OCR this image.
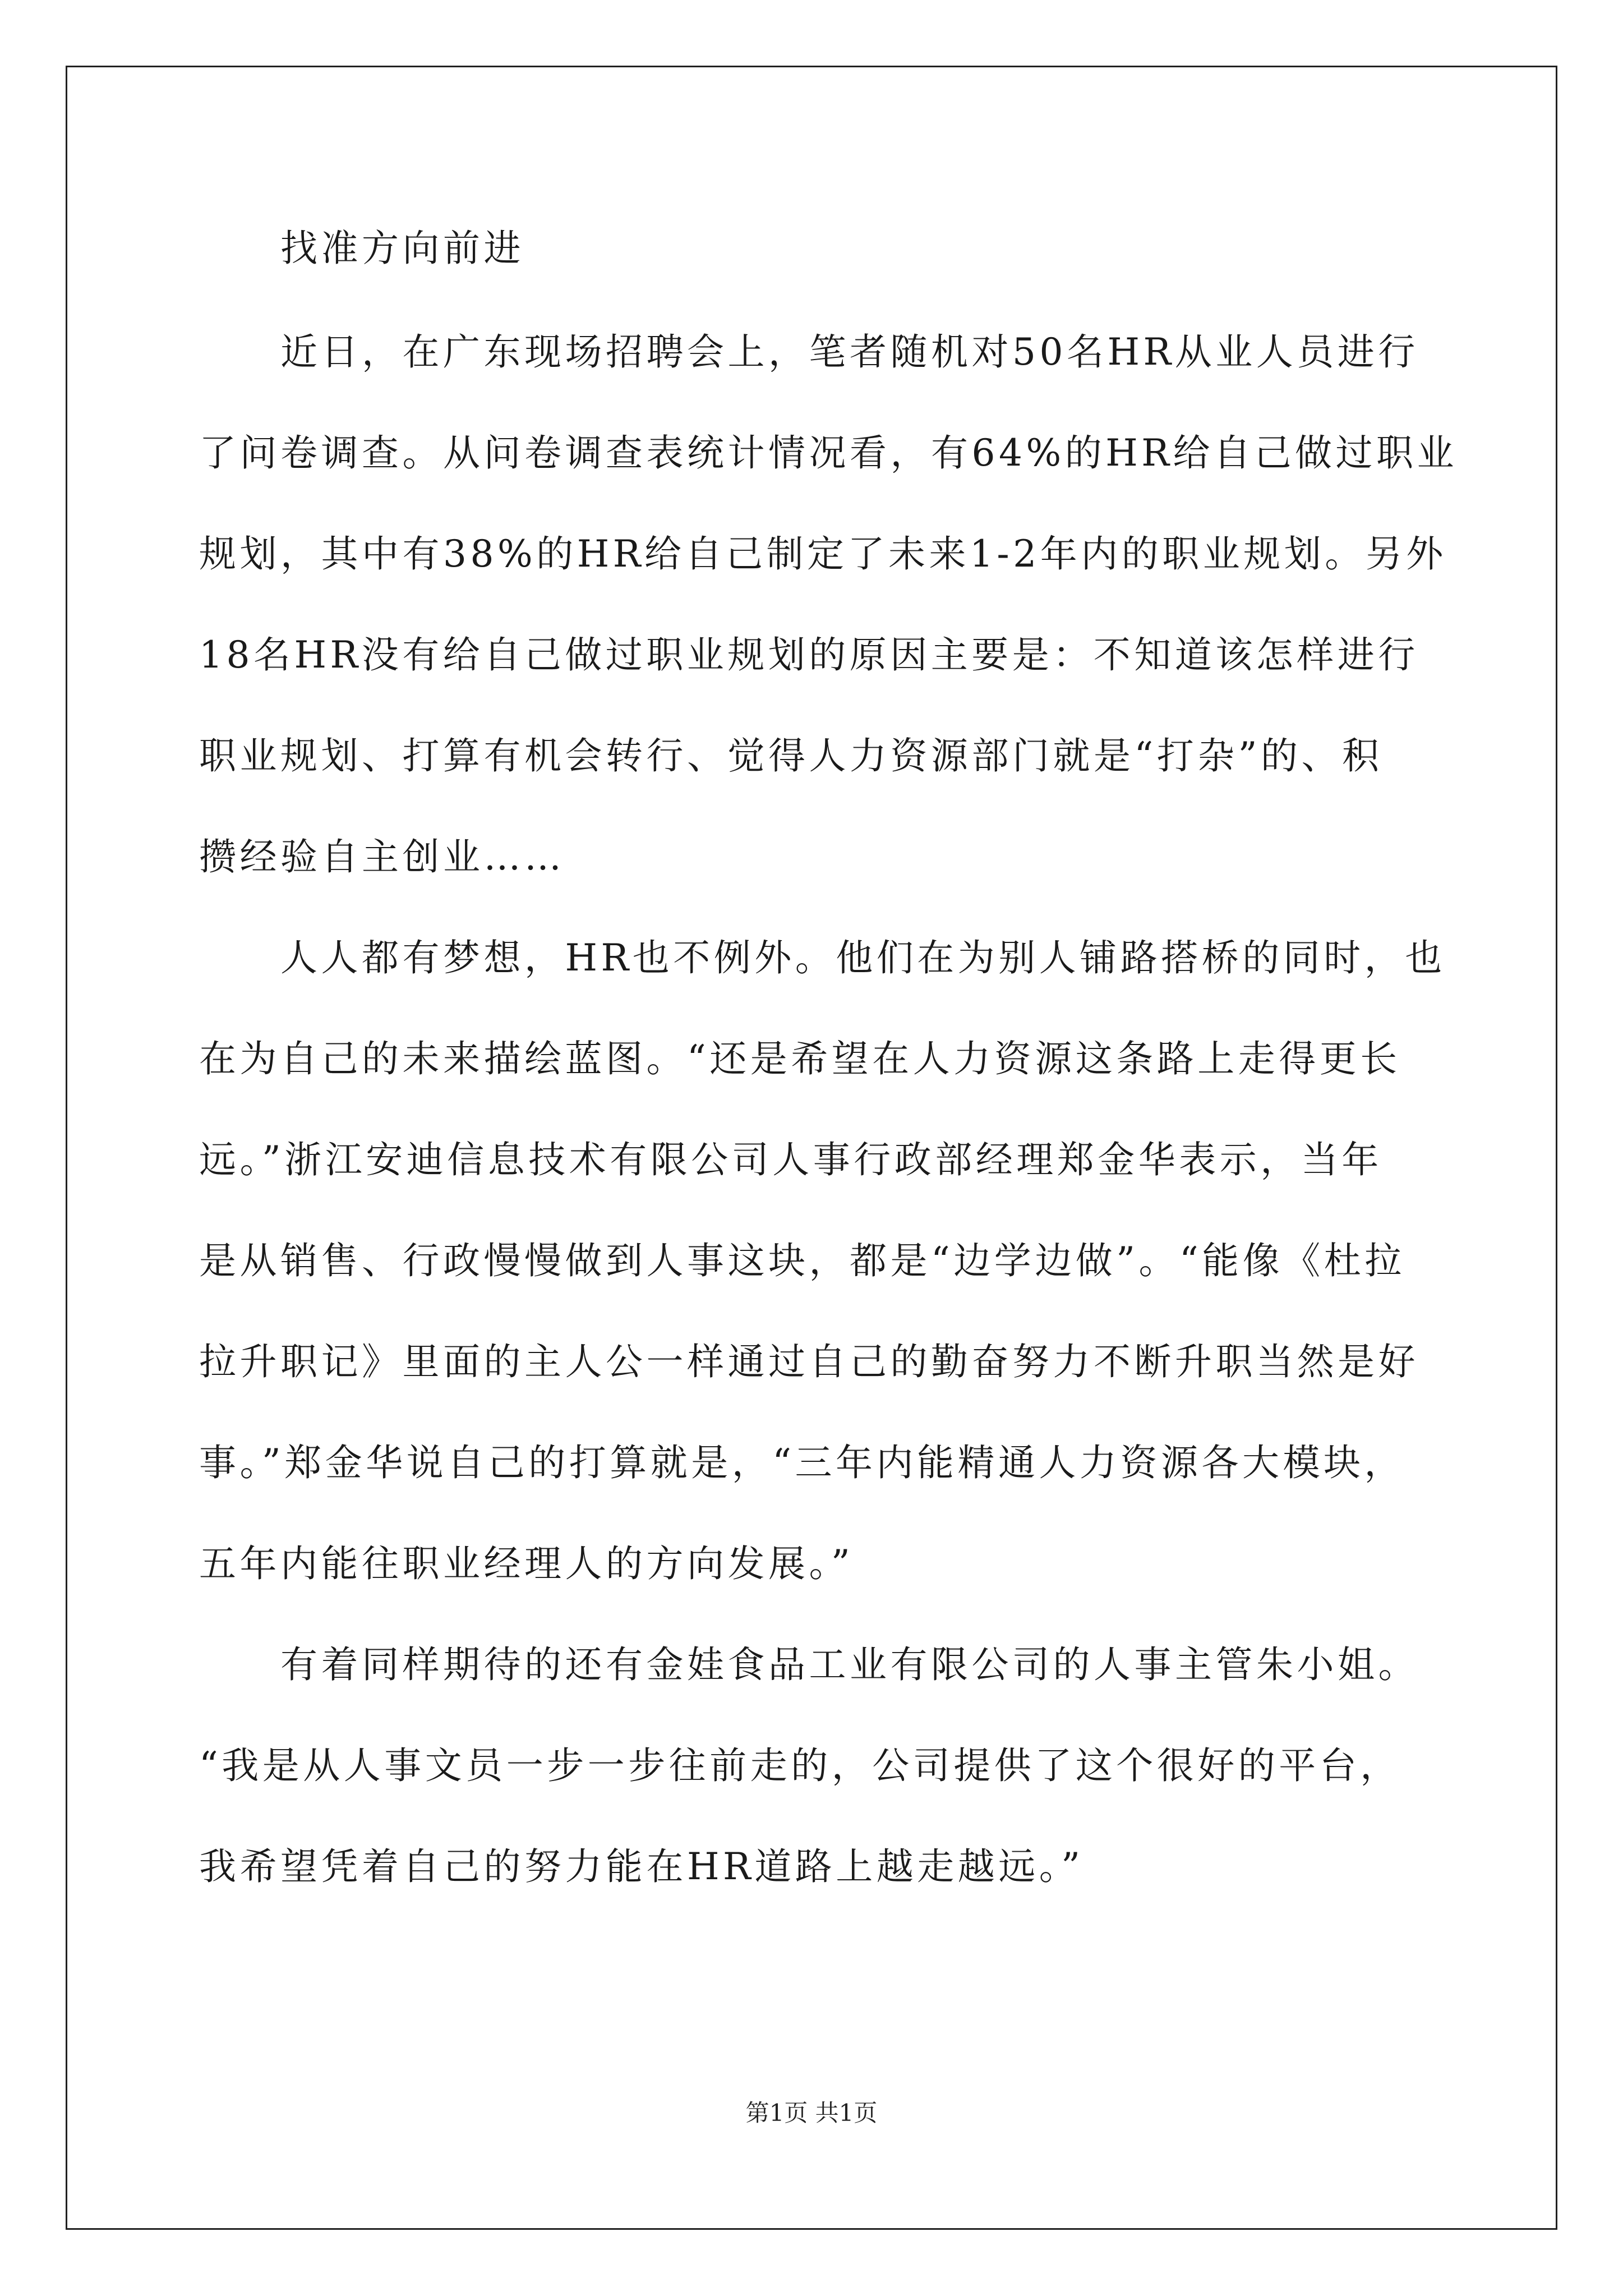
找准方向前进
近日，在广东现场招聘会上，笔者随机对50名HR从业人员进行
了问卷调查。从问卷调查表统计情况看，有64%的HR给自己做过职业
规划，其中有38%的HR给自己制定了未来1-2年内的职业规划。另外
18名HR没有给自己做过职业规划的原因主要是：不知道该怎样进行
职业规划、打算有机会转行、觉得人力资源部门就是“打杂”的、积
攒经验自主创业……
人人都有梦想，HR也不例外。他们在为别人铺路搭桥的同时，也
在为自己的未来描绘蓝图。“还是希望在人力资源这条路上走得更长
远。”浙江安迪信息技术有限公司人事行政部经理郑金华表示，当年
是从销售、行政慢慢做到人事这块，都是“边学边做”。“能像《杜拉
拉升职记》里面的主人公一样通过自己的勤奋努力不断升职当然是好
事。”郑金华说自己的打算就是，“三年内能精通人力资源各大模块，
五年内能往职业经理人的方向发展。”
有着同样期待的还有金娃食品工业有限公司的人事主管朱小姐。
“我是从人事文员一步一步往前走的，公司提供了这个很好的平台，
我希望凭着自己的努力能在HR道路上越走越远。”
第1页 共1页
